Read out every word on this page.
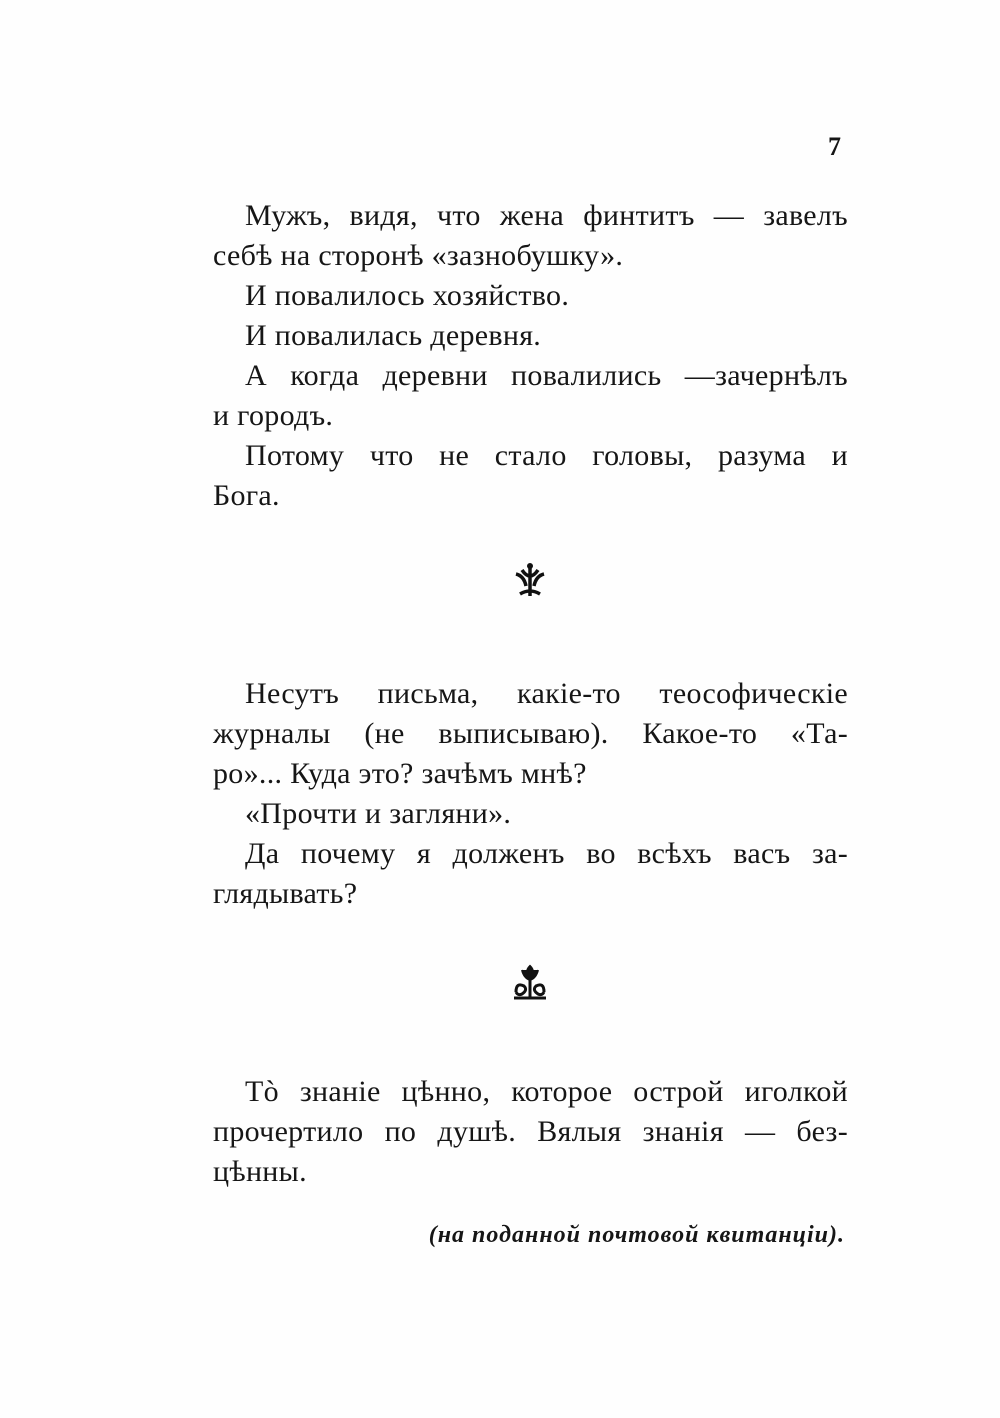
7
Мужъ, видя, что жена финтитъ — завелъ
себѣ на сторонѣ «зазнобушку».
И повалилось хозяйство.
И повалилась деревня.
А когда деревни повалились —зачернѣлъ
и городъ.
Потому что не стало головы, разума и
Бога.
Несутъ письма, какіе-то теософическіе
журналы (не выписываю). Какое-то «Та-
ро»... Куда это? зачѣмъ мнѣ?
«Прочти и загляни».
Да почему я долженъ во всѣхъ васъ за-
глядывать?
Тò знаніе цѣнно, которое острой иголкой
прочертило по душѣ. Вялыя знанія — без-
цѣнны.
(на поданной почтовой квитанціи).
